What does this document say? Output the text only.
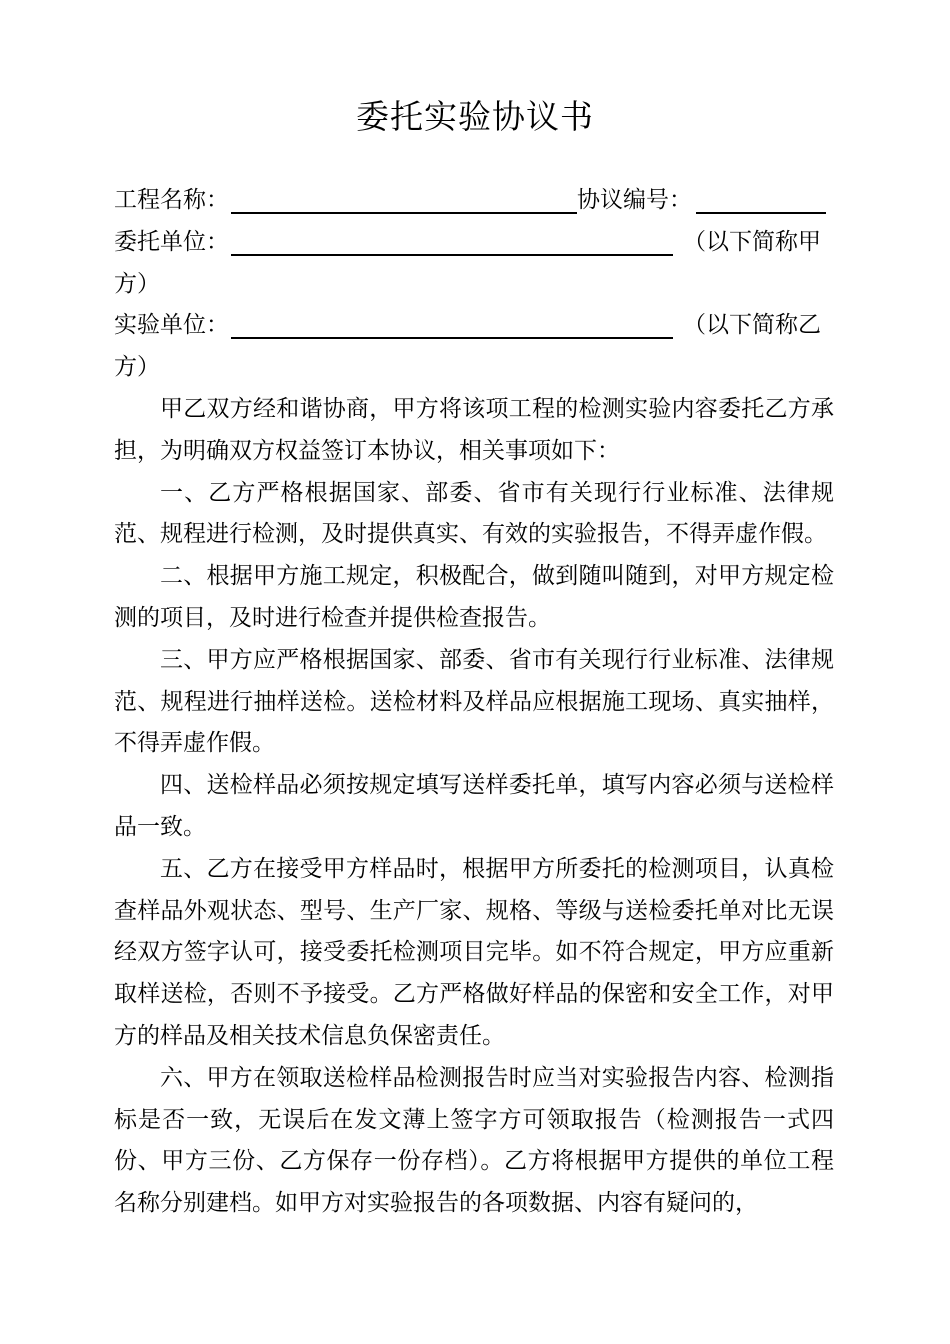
委托实验协议书
工程名称：	协议编号：
委托单位：	（以下简称甲
方）
实验单位：	（以下简称乙
方）

甲乙双方经和谐协商，甲方将该项工程的检测实验内容委托乙方承担，为明确双方权益签订本协议，相关事项如下：

一、乙方严格根据国家、部委、省市有关现行行业标准、法律规范、规程进行检测，及时提供真实、有效的实验报告，不得弄虚作假。

二、根据甲方施工规定，积极配合，做到随叫随到，对甲方规定检测的项目，及时进行检查并提供检查报告。

三、甲方应严格根据国家、部委、省市有关现行行业标准、法律规范、规程进行抽样送检。送检材料及样品应根据施工现场、真实抽样，不得弄虚作假。

四、送检样品必须按规定填写送样委托单，填写内容必须与送检样品一致。

五、乙方在接受甲方样品时，根据甲方所委托的检测项目，认真检查样品外观状态、型号、生产厂家、规格、等级与送检委托单对比无误经双方签字认可，接受委托检测项目完毕。如不符合规定，甲方应重新取样送检，否则不予接受。乙方严格做好样品的保密和安全工作，对甲方的样品及相关技术信息负保密责任。

六、甲方在领取送检样品检测报告时应当对实验报告内容、检测指标是否一致，无误后在发文薄上签字方可领取报告（检测报告一式四份、甲方三份、乙方保存一份存档）。乙方将根据甲方提供的单位工程名称分别建档。如甲方对实验报告的各项数据、内容有疑问的，
